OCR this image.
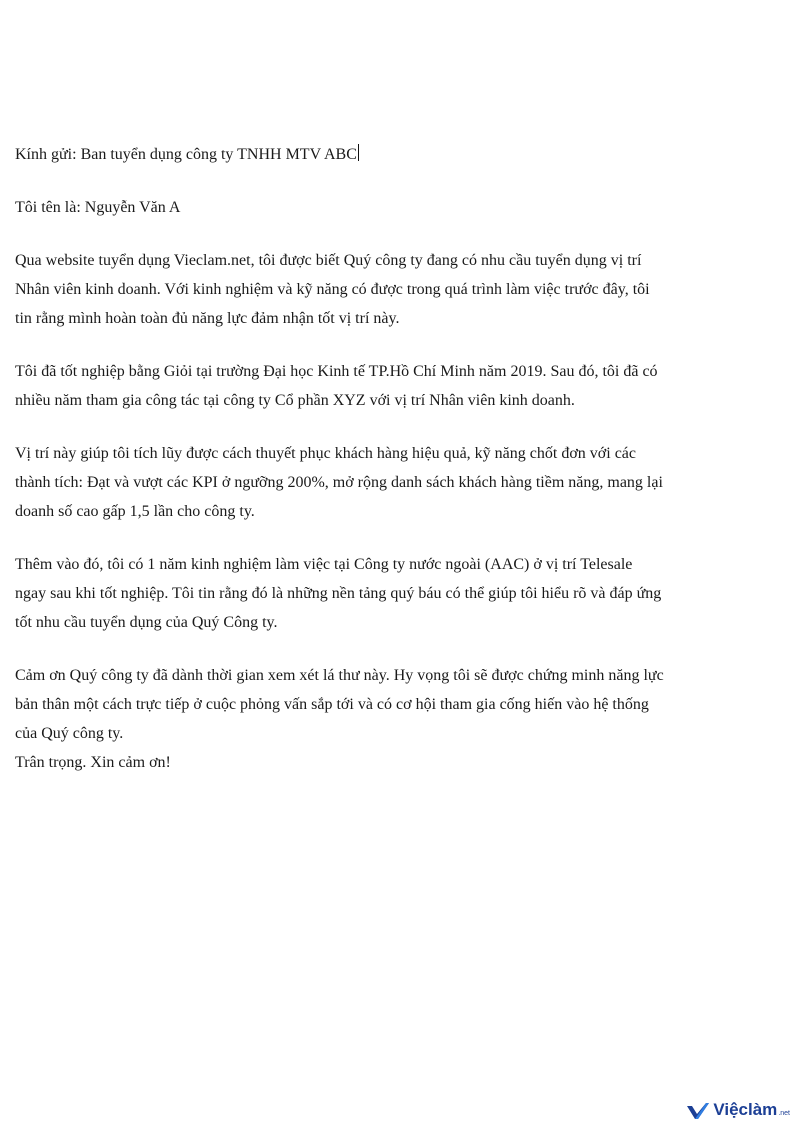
Kính gửi: Ban tuyển dụng công ty TNHH MTV ABC

Tôi tên là: Nguyễn Văn A

Qua website tuyển dụng Vieclam.net, tôi được biết Quý công ty đang có nhu cầu tuyển dụng vị trí
Nhân viên kinh doanh. Với kinh nghiệm và kỹ năng có được trong quá trình làm việc trước đây, tôi
tin rằng mình hoàn toàn đủ năng lực đảm nhận tốt vị trí này.

Tôi đã tốt nghiệp bằng Giỏi tại trường Đại học Kinh tế TP.Hồ Chí Minh năm 2019. Sau đó, tôi đã có
nhiều năm tham gia công tác tại công ty Cổ phần XYZ với vị trí Nhân viên kinh doanh.

Vị trí này giúp tôi tích lũy được cách thuyết phục khách hàng hiệu quả, kỹ năng chốt đơn với các
thành tích: Đạt và vượt các KPI ở ngưỡng 200%, mở rộng danh sách khách hàng tiềm năng, mang lại
doanh số cao gấp 1,5 lần cho công ty.

Thêm vào đó, tôi có 1 năm kinh nghiệm làm việc tại Công ty nước ngoài (AAC) ở vị trí Telesale
ngay sau khi tốt nghiệp. Tôi tin rằng đó là những nền tảng quý báu có thể giúp tôi hiểu rõ và đáp ứng
tốt nhu cầu tuyển dụng của Quý Công ty.

Cảm ơn Quý công ty đã dành thời gian xem xét lá thư này. Hy vọng tôi sẽ được chứng minh năng lực
bản thân một cách trực tiếp ở cuộc phỏng vấn sắp tới và có cơ hội tham gia cống hiến vào hệ thống
của Quý công ty.

Trân trọng. Xin cảm ơn!

Việclàm .net
